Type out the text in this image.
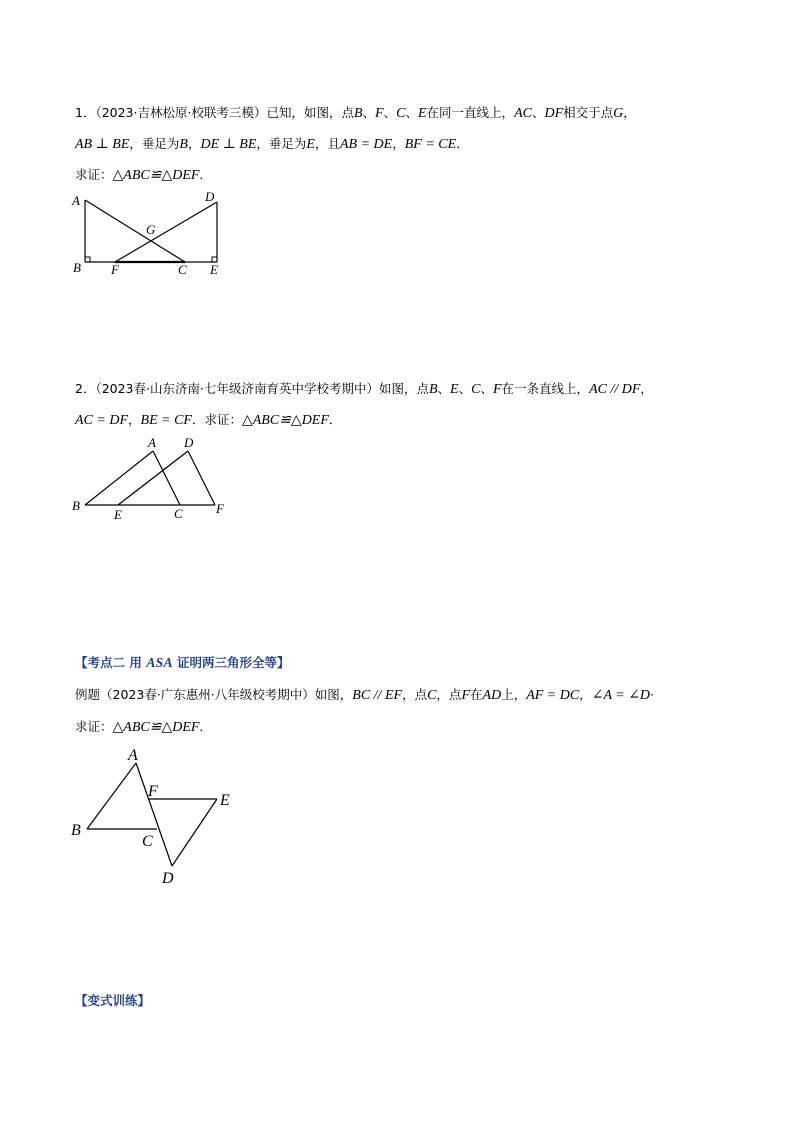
1．（2023·吉林松原·校联考三模）已知，如图，点B、F、C、E在同一直线上，AC、DF相交于点G，
AB ⊥ BE，垂足为B，DE ⊥ BE，垂足为E，且AB = DE，BF = CE．
求证：△ABC≌△DEF．
A	D
G
B F	C E
2．（2023春·山东济南·七年级济南育英中学校考期中）如图，点B、E、C、F在一条直线上，AC // DF，
AC = DF，BE = CF．求证：△ABC≌△DEF．
A D
B
E	C	F
【考点二 用 ASA 证明两三角形全等】
例题（2023春·广东惠州·八年级校考期中）如图，BC // EF，点C，点F在AD上，AF = DC，∠A = ∠D·
求证：△ABC≌△DEF．
A
F
E
B
C
D
【变式训练】
